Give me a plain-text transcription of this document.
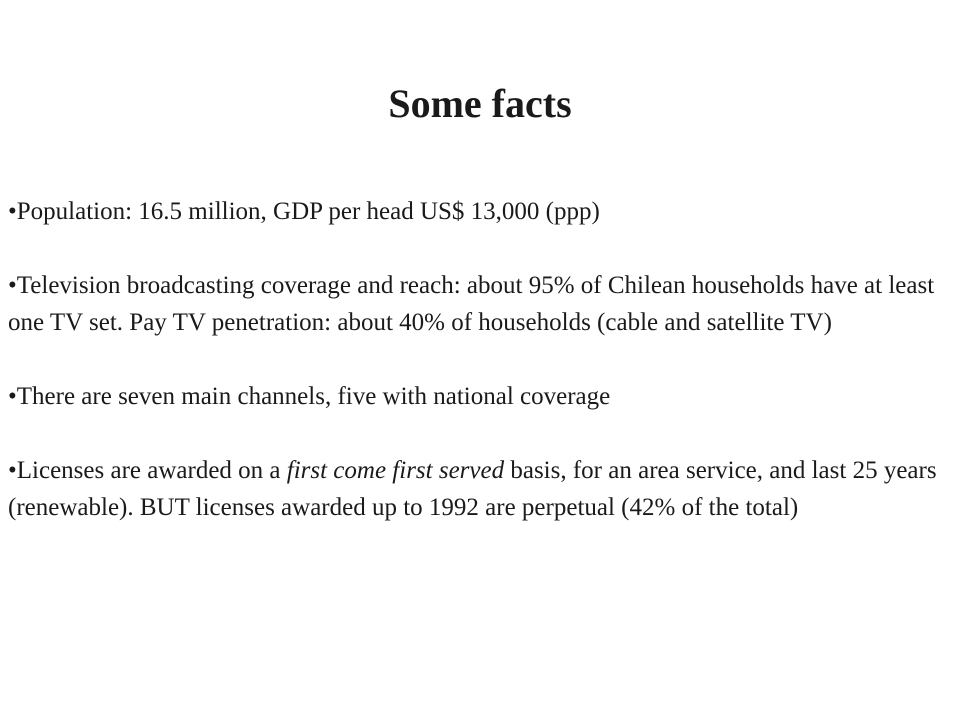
Some facts

•Population: 16.5 million, GDP per head US$ 13,000 (ppp)

•Television broadcasting coverage and reach: about 95% of Chilean households have at least one TV set. Pay TV penetration: about 40% of households (cable and satellite TV)

•There are seven main channels, five with national coverage

•Licenses are awarded on a first come first served basis, for an area service, and last 25 years (renewable). BUT licenses awarded up to 1992 are perpetual (42% of the total)
